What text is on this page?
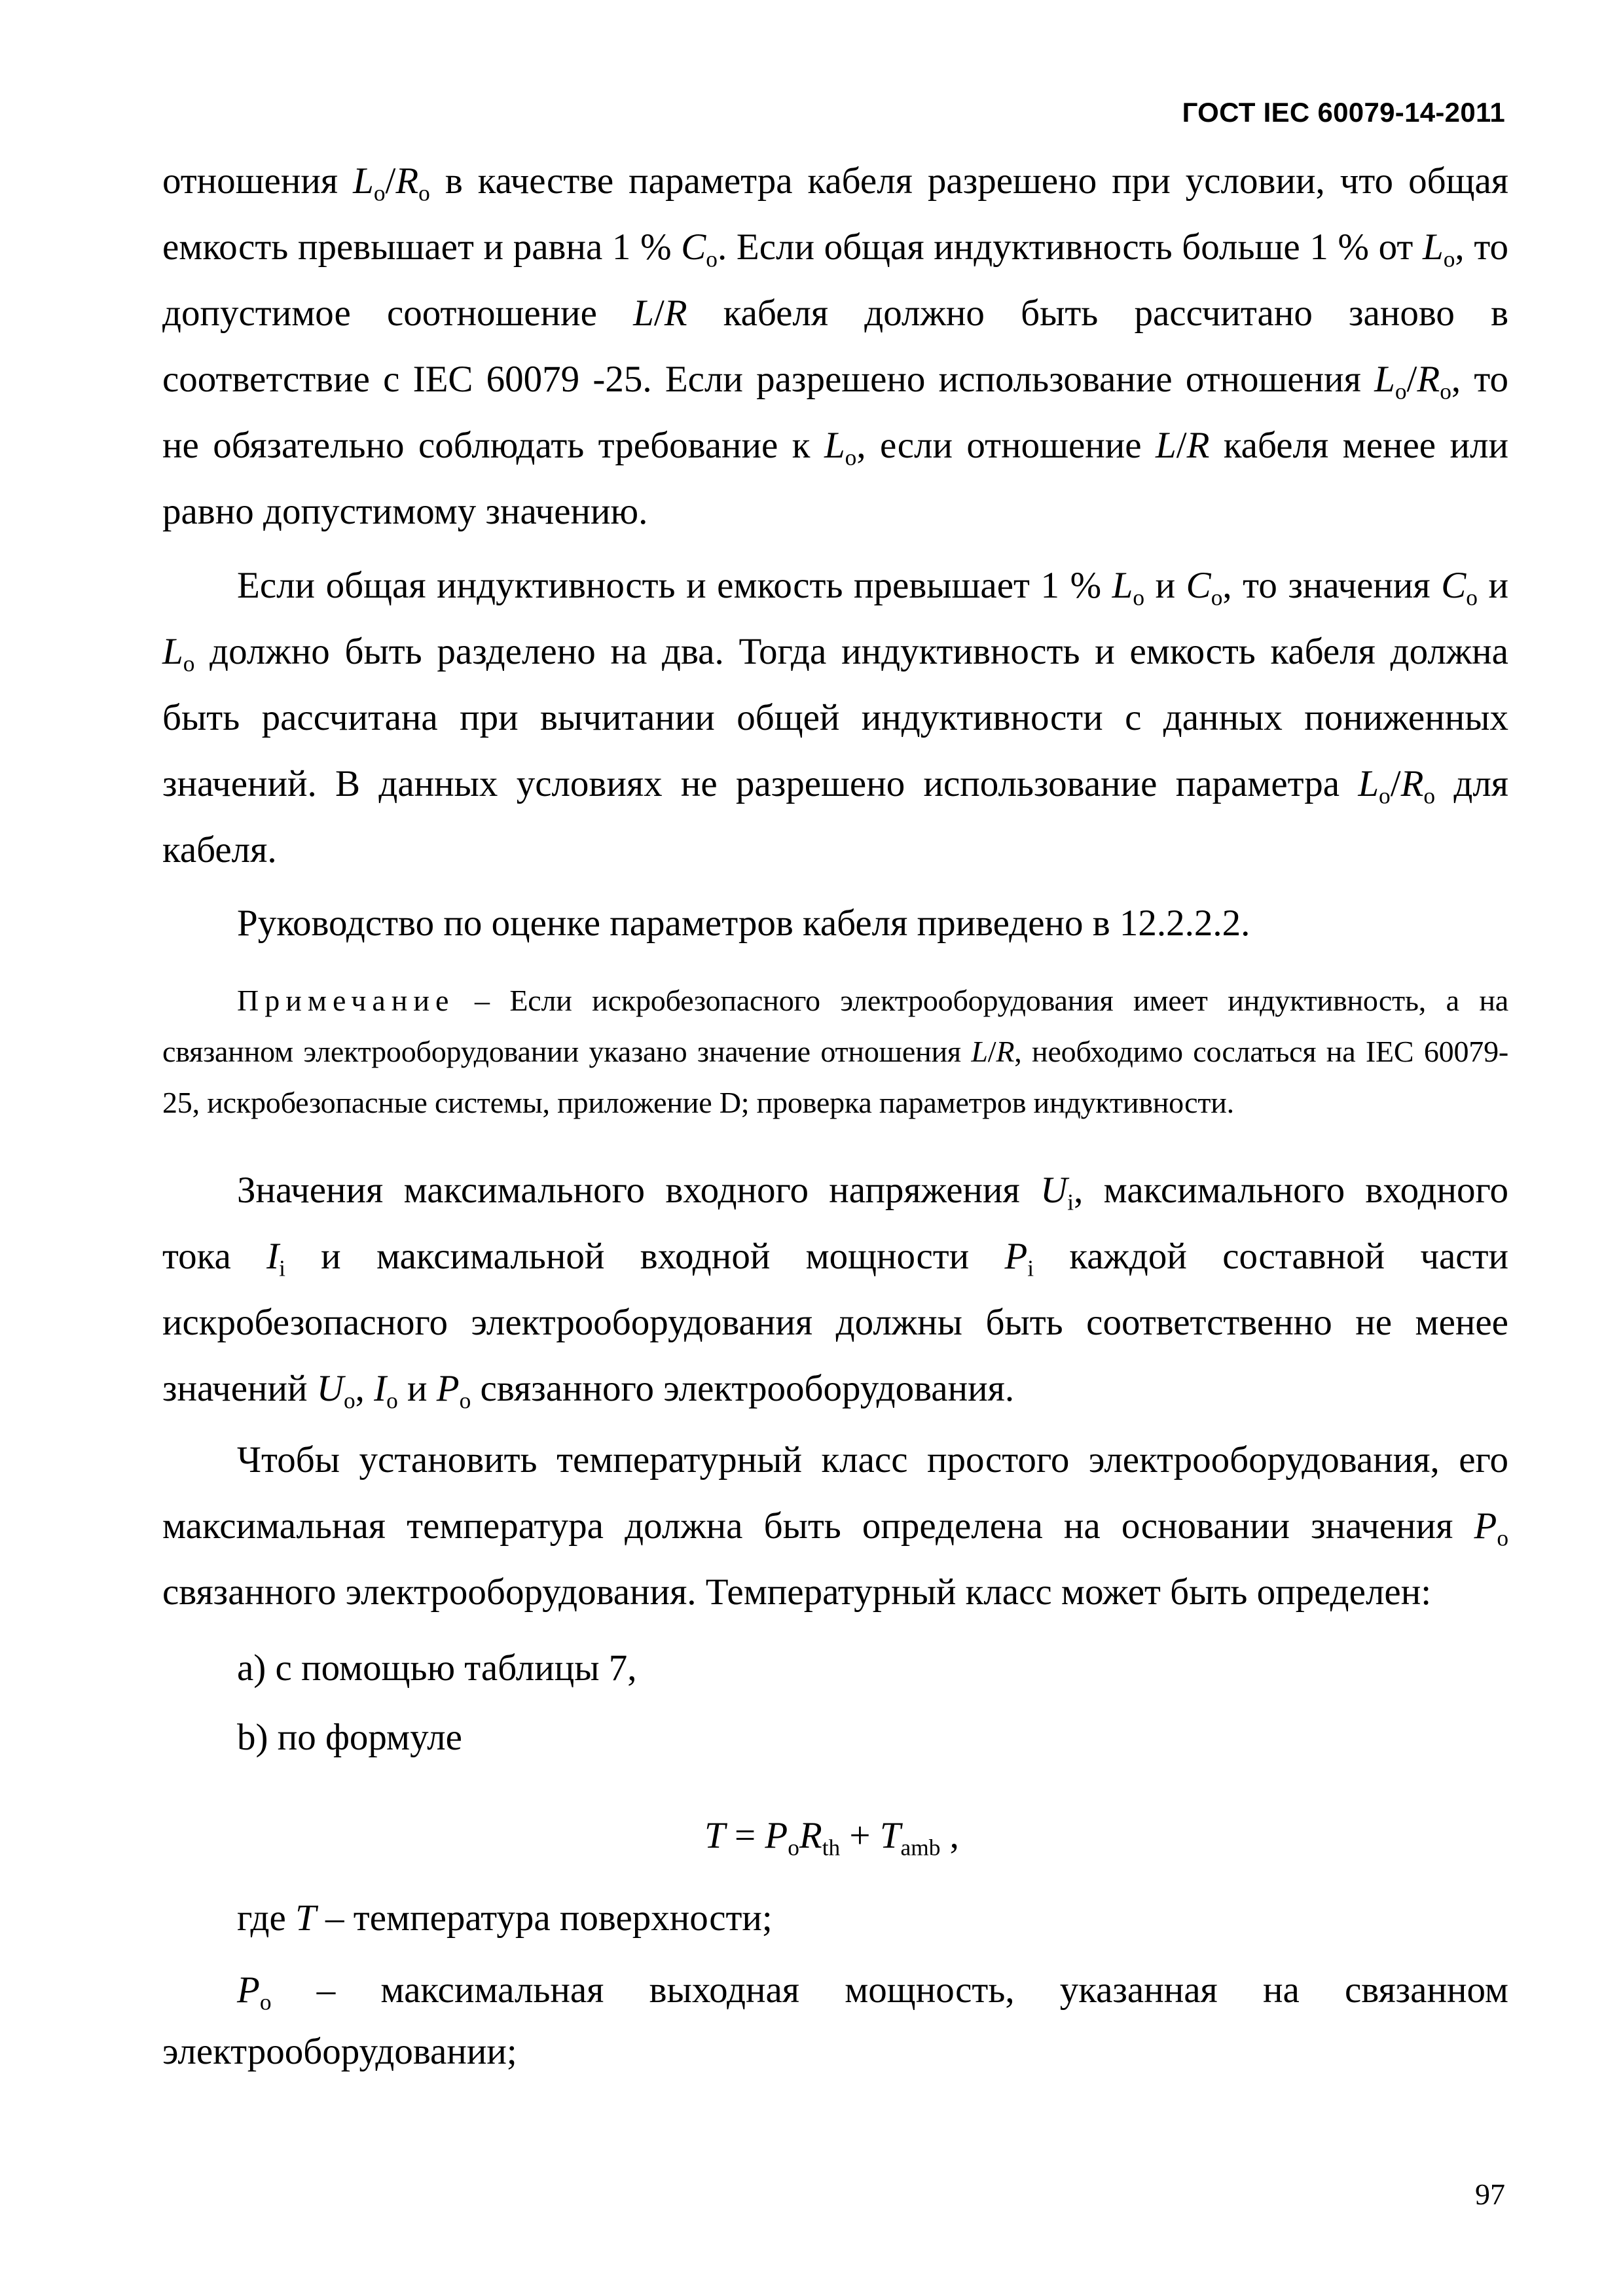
ГОСТ IEC 60079-14-2011
отношения $L_o/R_o$ в качестве параметра кабеля разрешено при условии, что общая емкость превышает и равна 1 % $C_o$. Если общая индуктивность больше 1 % от $L_o$, то допустимое соотношение L/R кабеля должно быть рассчитано заново в соответствие с IEC 60079 -25. Если разрешено использование отношения $L_o/R_o$, то не обязательно соблюдать требование к $L_o$, если отношение L/R кабеля менее или равно допустимому значению.
Если общая индуктивность и емкость превышает 1 % $L_o$ и $C_o$, то значения $C_o$ и $L_o$ должно быть разделено на два. Тогда индуктивность и емкость кабеля должна быть рассчитана при вычитании общей индуктивности с данных пониженных значений. В данных условиях не разрешено использование параметра $L_o/R_o$ для кабеля.
Руководство по оценке параметров кабеля приведено в 12.2.2.2.
Примечание – Если искробезопасного электрооборудования имеет индуктивность, а на связанном электрооборудовании указано значение отношения L/R, необходимо сослаться на IEC 60079-25, искробезопасные системы, приложение D; проверка параметров индуктивности.
Значения максимального входного напряжения $U_i$, максимального входного тока $I_i$ и максимальной входной мощности $P_i$ каждой составной части искробезопасного электрооборудования должны быть соответственно не менее значений $U_o$, $I_o$ и $P_o$ связанного электрооборудования.
Чтобы установить температурный класс простого электрооборудования, его максимальная температура должна быть определена на основании значения $P_o$ связанного электрооборудования. Температурный класс может быть определен:
a) с помощью таблицы 7,
b) по формуле
$T = P_oR_{th} + T_{amb}$ ,
где T – температура поверхности;
$P_o$ – максимальная выходная мощность, указанная на связанном
электрооборудовании;
97
